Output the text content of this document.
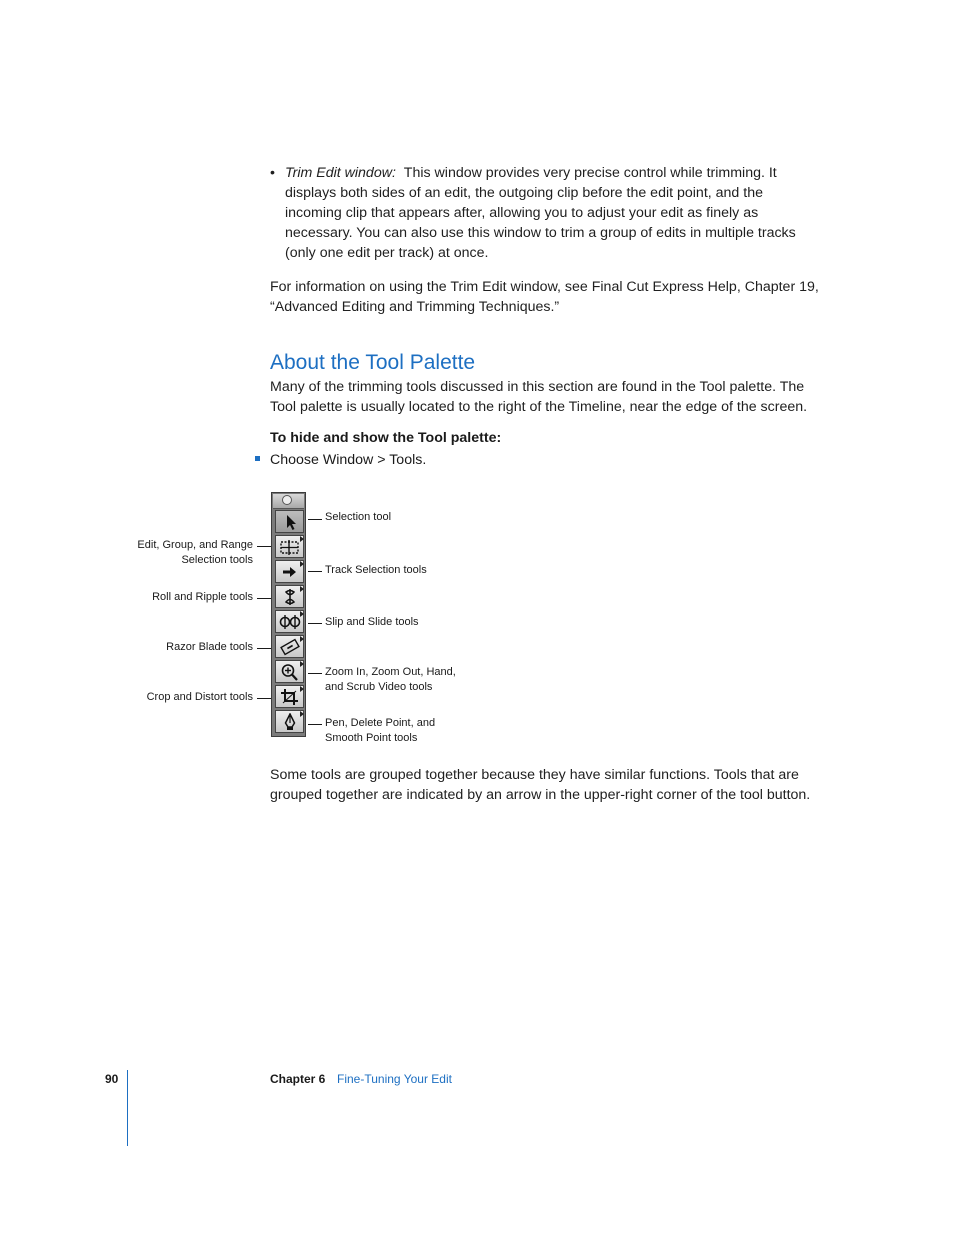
• Trim Edit window: This window provides very precise control while trimming. It displays both sides of an edit, the outgoing clip before the edit point, and the incoming clip that appears after, allowing you to adjust your edit as finely as necessary. You can also use this window to trim a group of edits in multiple tracks (only one edit per track) at once.
For information on using the Trim Edit window, see Final Cut Express Help, Chapter 19, “Advanced Editing and Trimming Techniques.”
About the Tool Palette
Many of the trimming tools discussed in this section are found in the Tool palette. The Tool palette is usually located to the right of the Timeline, near the edge of the screen.
To hide and show the Tool palette:
Choose Window > Tools.
Selection tool
Track Selection tools
Slip and Slide tools
Zoom In, Zoom Out, Hand,
and Scrub Video tools
Pen, Delete Point, and
Smooth Point tools
Edit, Group, and Range
Selection tools
Roll and Ripple tools
Razor Blade tools
Crop and Distort tools
Some tools are grouped together because they have similar functions. Tools that are grouped together are indicated by an arrow in the upper-right corner of the tool button.
90	Chapter 6 Fine-Tuning Your Edit
